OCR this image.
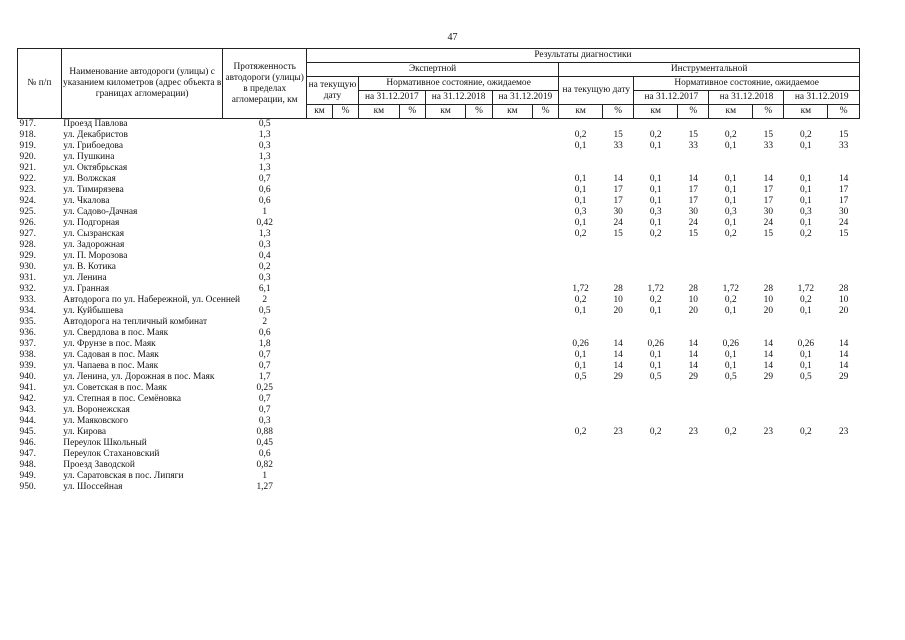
47
№ п/п	Наименование автодороги (улицы) с указанием километров (адрес объекта в границах агломерации)	Протяженность автодороги (улицы) в пределах агломерации, км	Результаты диагностики															
			Экспертной								Инструментальной							
			на текущую дату		Нормативное состояние, ожидаемое						на текущую дату		Нормативное состояние, ожидаемое					
					на 31.12.2017		на 31.12.2018		на 31.12.2019				на 31.12.2017		на 31.12.2018		на 31.12.2019	
			км	%	км	%	км	%	км	%	км	%	км	%	км	%	км	%
917.	Проезд Павлова	0,5																
918.	ул. Декабристов	1,3									0,2	15	0,2	15	0,2	15	0,2	15
919.	ул. Грибоедова	0,3									0,1	33	0,1	33	0,1	33	0,1	33
920.	ул. Пушкина	1,3																
921.	ул. Октябрьская	1,3																
922.	ул. Волжская	0,7									0,1	14	0,1	14	0,1	14	0,1	14
923.	ул. Тимирязева	0,6									0,1	17	0,1	17	0,1	17	0,1	17
924.	ул. Чкалова	0,6									0,1	17	0,1	17	0,1	17	0,1	17
925.	ул. Садово-Дачная	1									0,3	30	0,3	30	0,3	30	0,3	30
926.	ул. Подгорная	0,42									0,1	24	0,1	24	0,1	24	0,1	24
927.	ул. Сызранская	1,3									0,2	15	0,2	15	0,2	15	0,2	15
928.	ул. Задорожная	0,3																
929.	ул. П. Морозова	0,4																
930.	ул. В. Котика	0,2																
931.	ул. Ленина	0,3																
932.	ул. Гранная	6,1									1,72	28	1,72	28	1,72	28	1,72	28
933.	Автодорога по ул. Набережной, ул. Осенней	2									0,2	10	0,2	10	0,2	10	0,2	10
934.	ул. Куйбышева	0,5									0,1	20	0,1	20	0,1	20	0,1	20
935.	Автодорога на тепличный комбинат	2																
936.	ул. Свердлова в пос. Маяк	0,6																
937.	ул. Фрунзе в пос. Маяк	1,8									0,26	14	0,26	14	0,26	14	0,26	14
938.	ул. Садовая в пос. Маяк	0,7									0,1	14	0,1	14	0,1	14	0,1	14
939.	ул. Чапаева в пос. Маяк	0,7									0,1	14	0,1	14	0,1	14	0,1	14
940.	ул. Ленина, ул. Дорожная в пос. Маяк	1,7									0,5	29	0,5	29	0,5	29	0,5	29
941.	ул. Советская в пос. Маяк	0,25																
942.	ул. Степная в пос. Семёновка	0,7																
943.	ул. Воронежская	0,7																
944.	ул. Маяковского	0,3																
945.	ул. Кирова	0,88									0,2	23	0,2	23	0,2	23	0,2	23
946.	Переулок Школьный	0,45																
947.	Переулок Стахановский	0,6																
948.	Проезд Заводской	0,82																
949.	ул. Саратовская в пос. Липяги	1																
950.	ул. Шоссейная	1,27																
